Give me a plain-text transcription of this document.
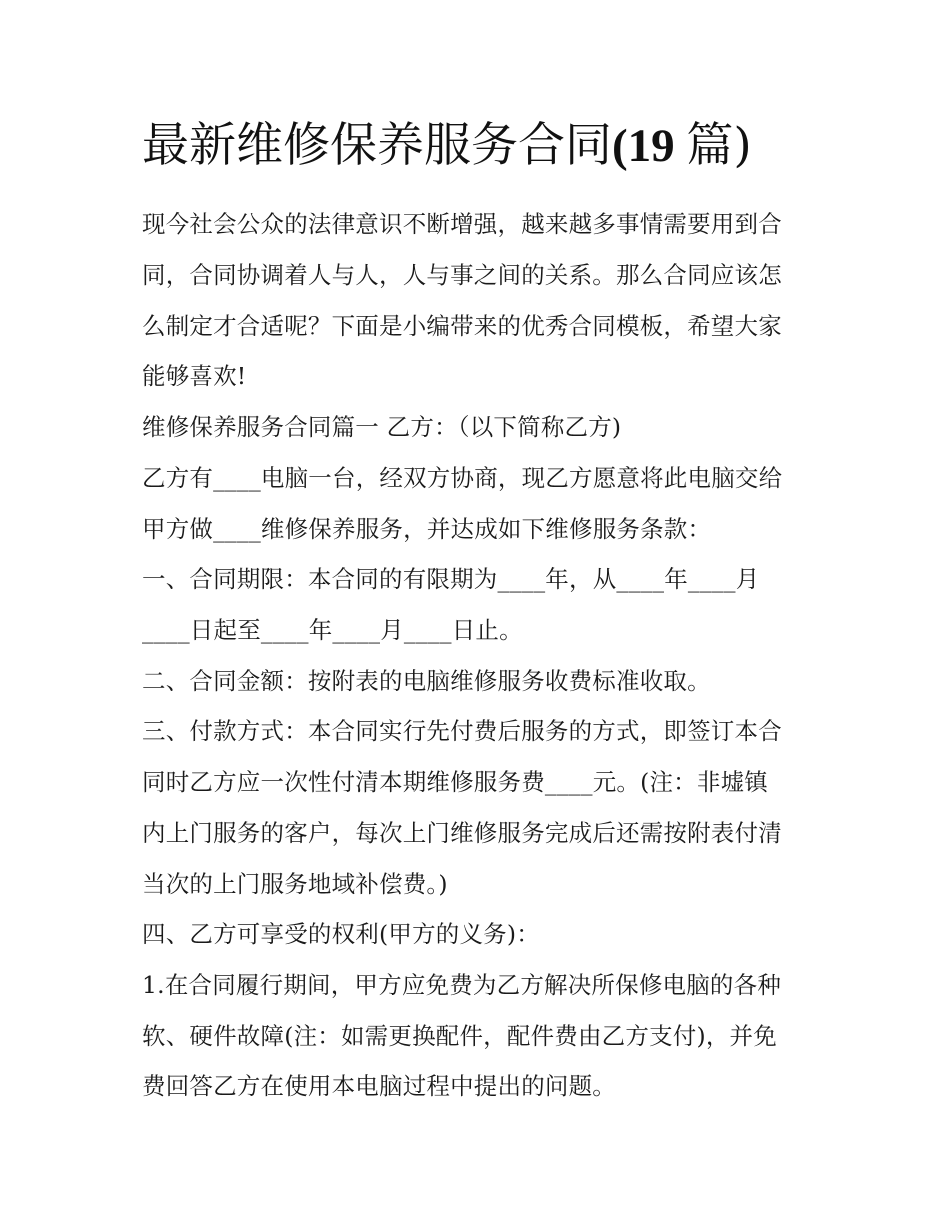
最新维修保养服务合同(19 篇)

现今社会公众的法律意识不断增强，越来越多事情需要用到合

同，合同协调着人与人，人与事之间的关系。那么合同应该怎

么制定才合适呢？下面是小编带来的优秀合同模板，希望大家

能够喜欢!

维修保养服务合同篇一 乙方：（以下简称乙方)

乙方有____电脑一台，经双方协商，现乙方愿意将此电脑交给

甲方做____维修保养服务，并达成如下维修服务条款：

一、合同期限：本合同的有限期为____年，从____年____月

____日起至____年____月____日止。

二、合同金额：按附表的电脑维修服务收费标准收取。

三、付款方式：本合同实行先付费后服务的方式，即签订本合

同时乙方应一次性付清本期维修服务费____元。(注：非墟镇

内上门服务的客户，每次上门维修服务完成后还需按附表付清

当次的上门服务地域补偿费。)

四、乙方可享受的权利(甲方的义务)：

1.在合同履行期间，甲方应免费为乙方解决所保修电脑的各种

软、硬件故障(注：如需更换配件，配件费由乙方支付)，并免

费回答乙方在使用本电脑过程中提出的问题。
